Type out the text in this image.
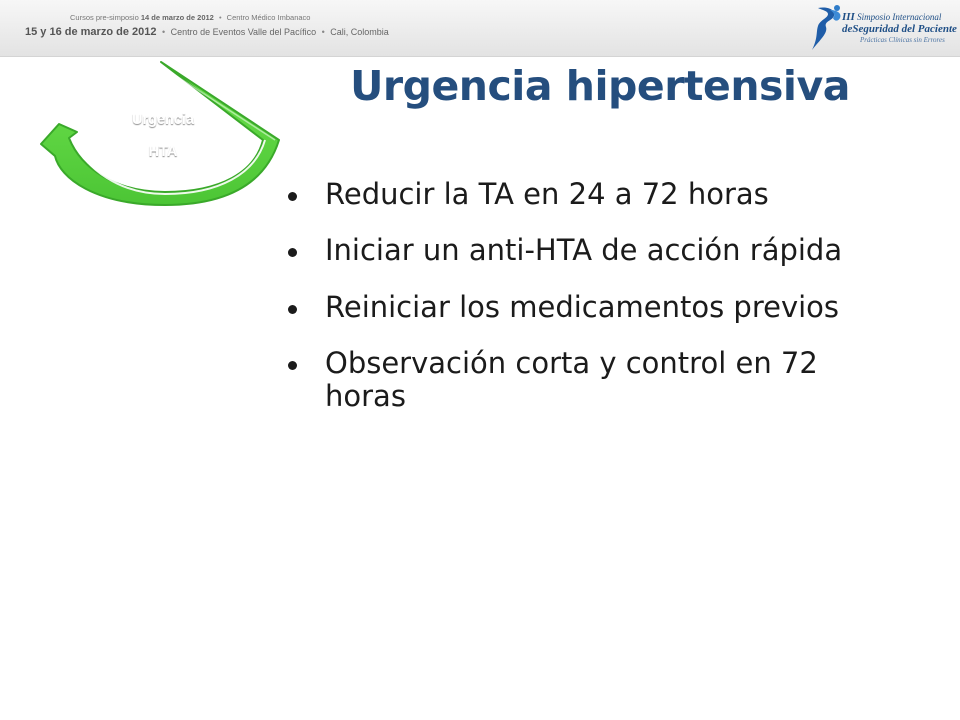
Cursos pre-simposio 14 de marzo de 2012 • Centro Médico Imbanaco
15 y 16 de marzo de 2012 • Centro de Eventos Valle del Pacífico • Cali, Colombia
III Simposio Internacional
deSeguridad del Paciente
Prácticas Clínicas sin Errores
Urgencia
HTA
Urgencia hipertensiva
Reducir la TA en 24 a 72 horas
Iniciar un anti-HTA de acción rápida
Reiniciar los medicamentos previos
Observación corta y control en 72 horas
